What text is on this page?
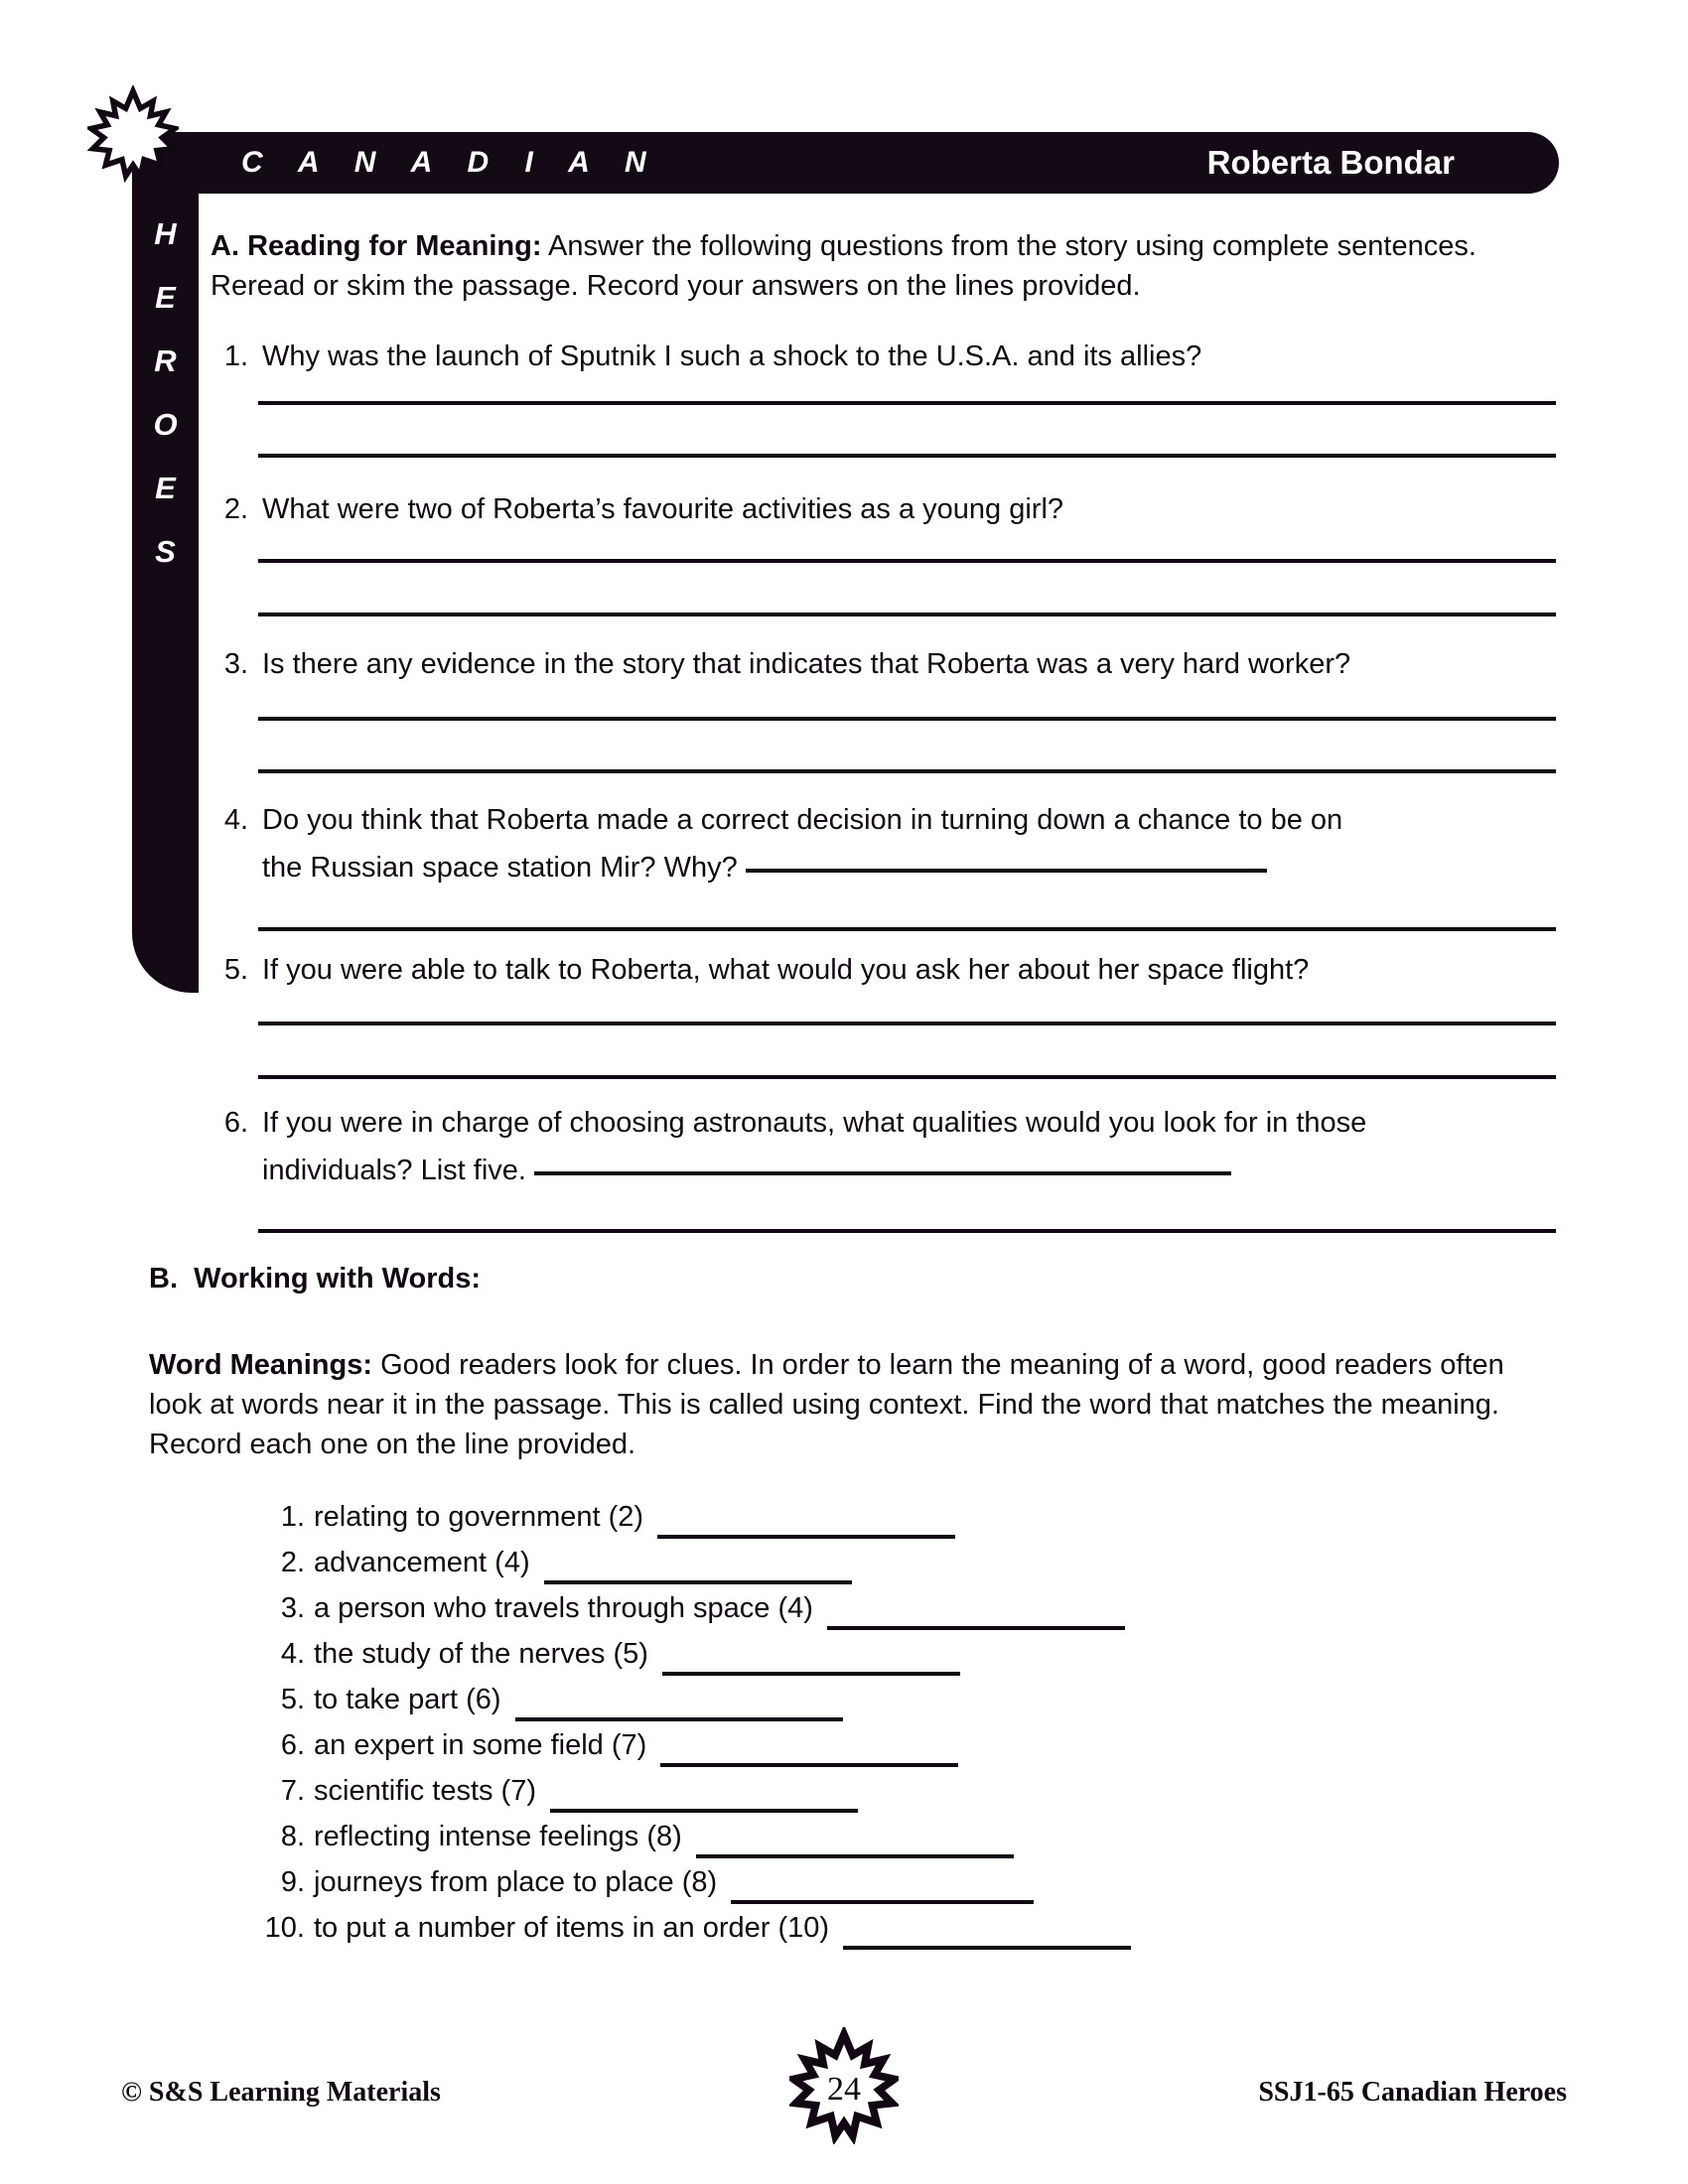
C A N A D I A N	Roberta Bondar
H
E
R
O
E
S
A. Reading for Meaning: Answer the following questions from the story using complete sentences. Reread or skim the passage. Record your answers on the lines provided.
1. Why was the launch of Sputnik I such a shock to the U.S.A. and its allies?
2. What were two of Roberta’s favourite activities as a young girl?
3. Is there any evidence in the story that indicates that Roberta was a very hard worker?
4. Do you think that Roberta made a correct decision in turning down a chance to be on
the Russian space station Mir? Why?
5. If you were able to talk to Roberta, what would you ask her about her space flight?
6. If you were in charge of choosing astronauts, what qualities would you look for in those
individuals? List five.
B. Working with Words:
Word Meanings: Good readers look for clues. In order to learn the meaning of a word, good readers often look at words near it in the passage. This is called using context. Find the word that matches the meaning. Record each one on the line provided.
1. relating to government (2)
2. advancement (4)
3. a person who travels through space (4)
4. the study of the nerves (5)
5. to take part (6)
6. an expert in some field (7)
7. scientific tests (7)
8. reflecting intense feelings (8)
9. journeys from place to place (8)
10. to put a number of items in an order (10)
© S&S Learning Materials	24	SSJ1-65 Canadian Heroes
